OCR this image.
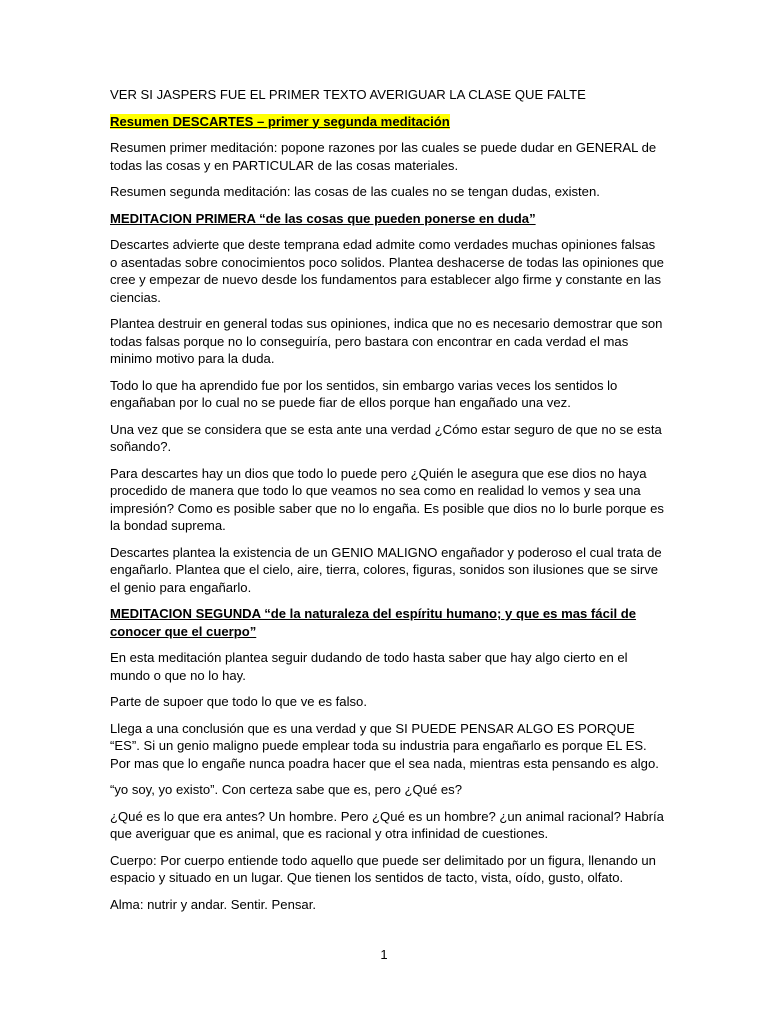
VER SI JASPERS FUE EL PRIMER TEXTO AVERIGUAR LA CLASE QUE FALTE

Resumen DESCARTES – primer y segunda meditación

Resumen primer meditación: popone razones por las cuales se puede dudar en GENERAL de todas las cosas y en PARTICULAR de las cosas materiales.

Resumen segunda meditación: las cosas de las cuales no se tengan dudas, existen.

MEDITACION PRIMERA “de las cosas que pueden ponerse en duda”

Descartes advierte que deste temprana edad admite como verdades muchas opiniones falsas o asentadas sobre conocimientos poco solidos. Plantea deshacerse de todas las opiniones que cree y empezar de nuevo desde los fundamentos para establecer algo firme y constante en las ciencias.

Plantea destruir en general todas sus opiniones, indica que no es necesario demostrar que son todas falsas porque no lo conseguiría, pero bastara con encontrar en cada verdad el mas minimo motivo para la duda.

Todo lo que ha aprendido fue por los sentidos, sin embargo varias veces los sentidos lo engañaban por lo cual no se puede fiar de ellos porque han engañado una vez.

Una vez que se considera que se esta ante una verdad ¿Cómo estar seguro de que no se esta soñando?.

Para descartes hay un dios que todo lo puede pero ¿Quién le asegura que ese dios no haya procedido de manera que todo lo que veamos no sea como en realidad lo vemos y sea una impresión? Como es posible saber que no lo engaña. Es posible que dios no lo burle porque es la bondad suprema.

Descartes plantea la existencia de un GENIO MALIGNO engañador y poderoso el cual trata de engañarlo. Plantea que el cielo, aire, tierra, colores, figuras, sonidos son ilusiones que se sirve el genio para engañarlo.

MEDITACION SEGUNDA “de la naturaleza del espíritu humano; y que es mas fácil de conocer que el cuerpo”

En esta meditación plantea seguir dudando de todo hasta saber que hay algo cierto en el mundo o que no lo hay.

Parte de supoer que todo lo que ve es falso.

Llega a una conclusión que es una verdad y que SI PUEDE PENSAR ALGO ES PORQUE “ES”. Si un genio maligno puede emplear toda su industria para engañarlo es porque EL ES. Por mas que lo engañe nunca poadra hacer que el sea nada, mientras esta pensando es algo.

“yo soy, yo existo”. Con certeza sabe que es, pero ¿Qué es?

¿Qué es lo que era antes? Un hombre. Pero ¿Qué es un hombre? ¿un animal racional? Habría que averiguar que es animal, que es racional y otra infinidad de cuestiones.

Cuerpo: Por cuerpo entiende todo aquello que puede ser delimitado por un figura, llenando un espacio y situado en un lugar. Que tienen los sentidos de tacto, vista, oído, gusto, olfato.

Alma: nutrir y andar. Sentir. Pensar.

1
